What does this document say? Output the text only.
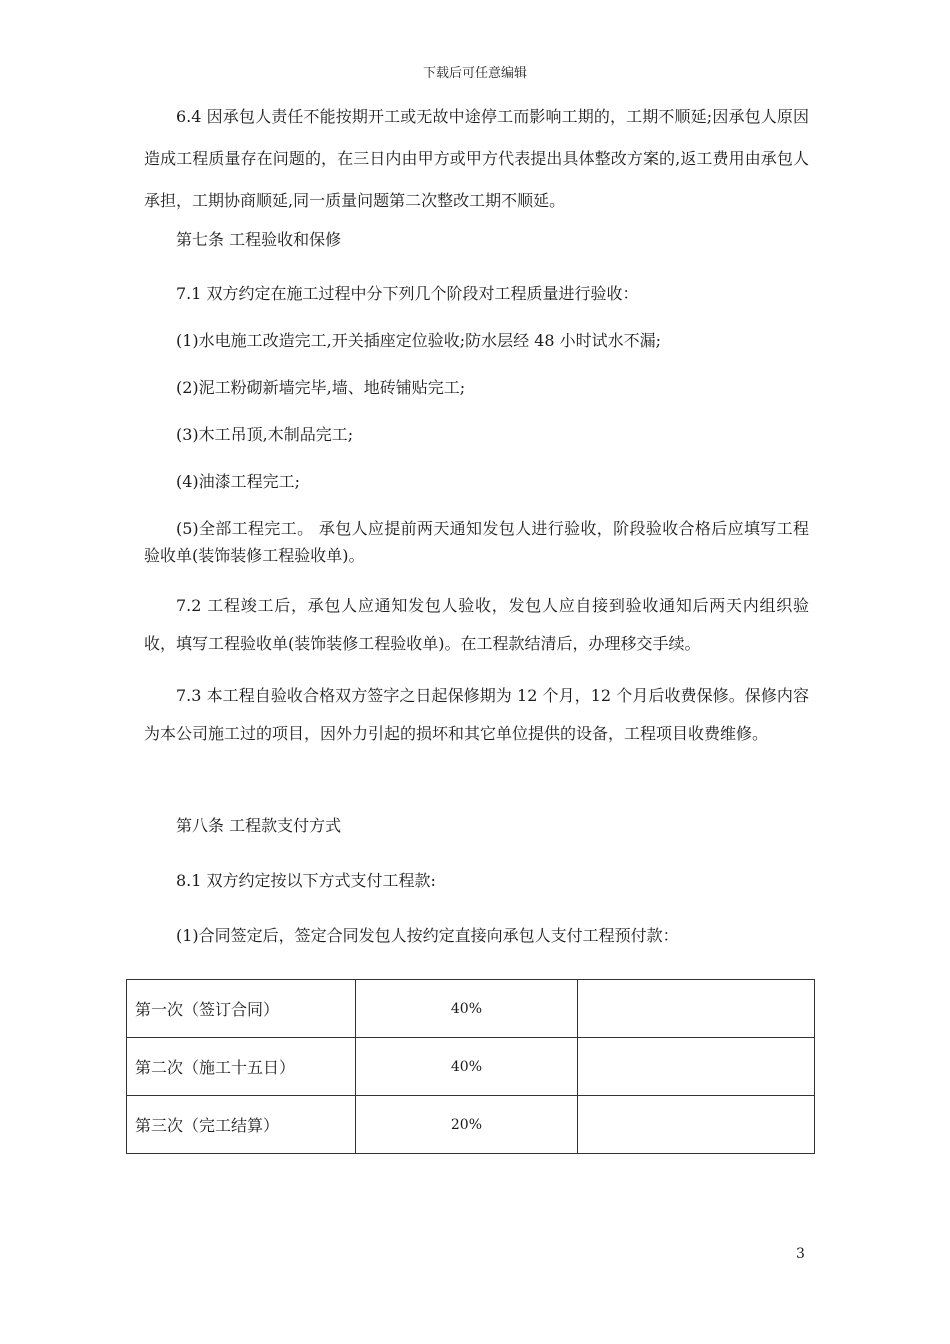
下载后可任意编辑

6.4 因承包人责任不能按期开工或无故中途停工而影响工期的，工期不顺延;因承包人原因造成工程质量存在问题的，在三日内由甲方或甲方代表提出具体整改方案的,返工费用由承包人承担，工期协商顺延,同一质量问题第二次整改工期不顺延。

第七条 工程验收和保修

7.1 双方约定在施工过程中分下列几个阶段对工程质量进行验收：

(1)水电施工改造完工,开关插座定位验收;防水层经 48 小时试水不漏;

(2)泥工粉砌新墙完毕,墙、地砖铺贴完工;

(3)木工吊顶,木制品完工;

(4)油漆工程完工;

(5)全部工程完工。 承包人应提前两天通知发包人进行验收，阶段验收合格后应填写工程验收单(装饰装修工程验收单)。

7.2 工程竣工后，承包人应通知发包人验收，发包人应自接到验收通知后两天内组织验收，填写工程验收单(装饰装修工程验收单)。在工程款结清后，办理移交手续。

7.3 本工程自验收合格双方签字之日起保修期为 12 个月，12 个月后收费保修。保修内容为本公司施工过的项目，因外力引起的损坏和其它单位提供的设备，工程项目收费维修。

第八条 工程款支付方式

8.1 双方约定按以下方式支付工程款:

(1)合同签定后，签定合同发包人按约定直接向承包人支付工程预付款：

第一次（签订合同）	40%	
第二次（施工十五日）	40%	
第三次（完工结算）	20%	
3
